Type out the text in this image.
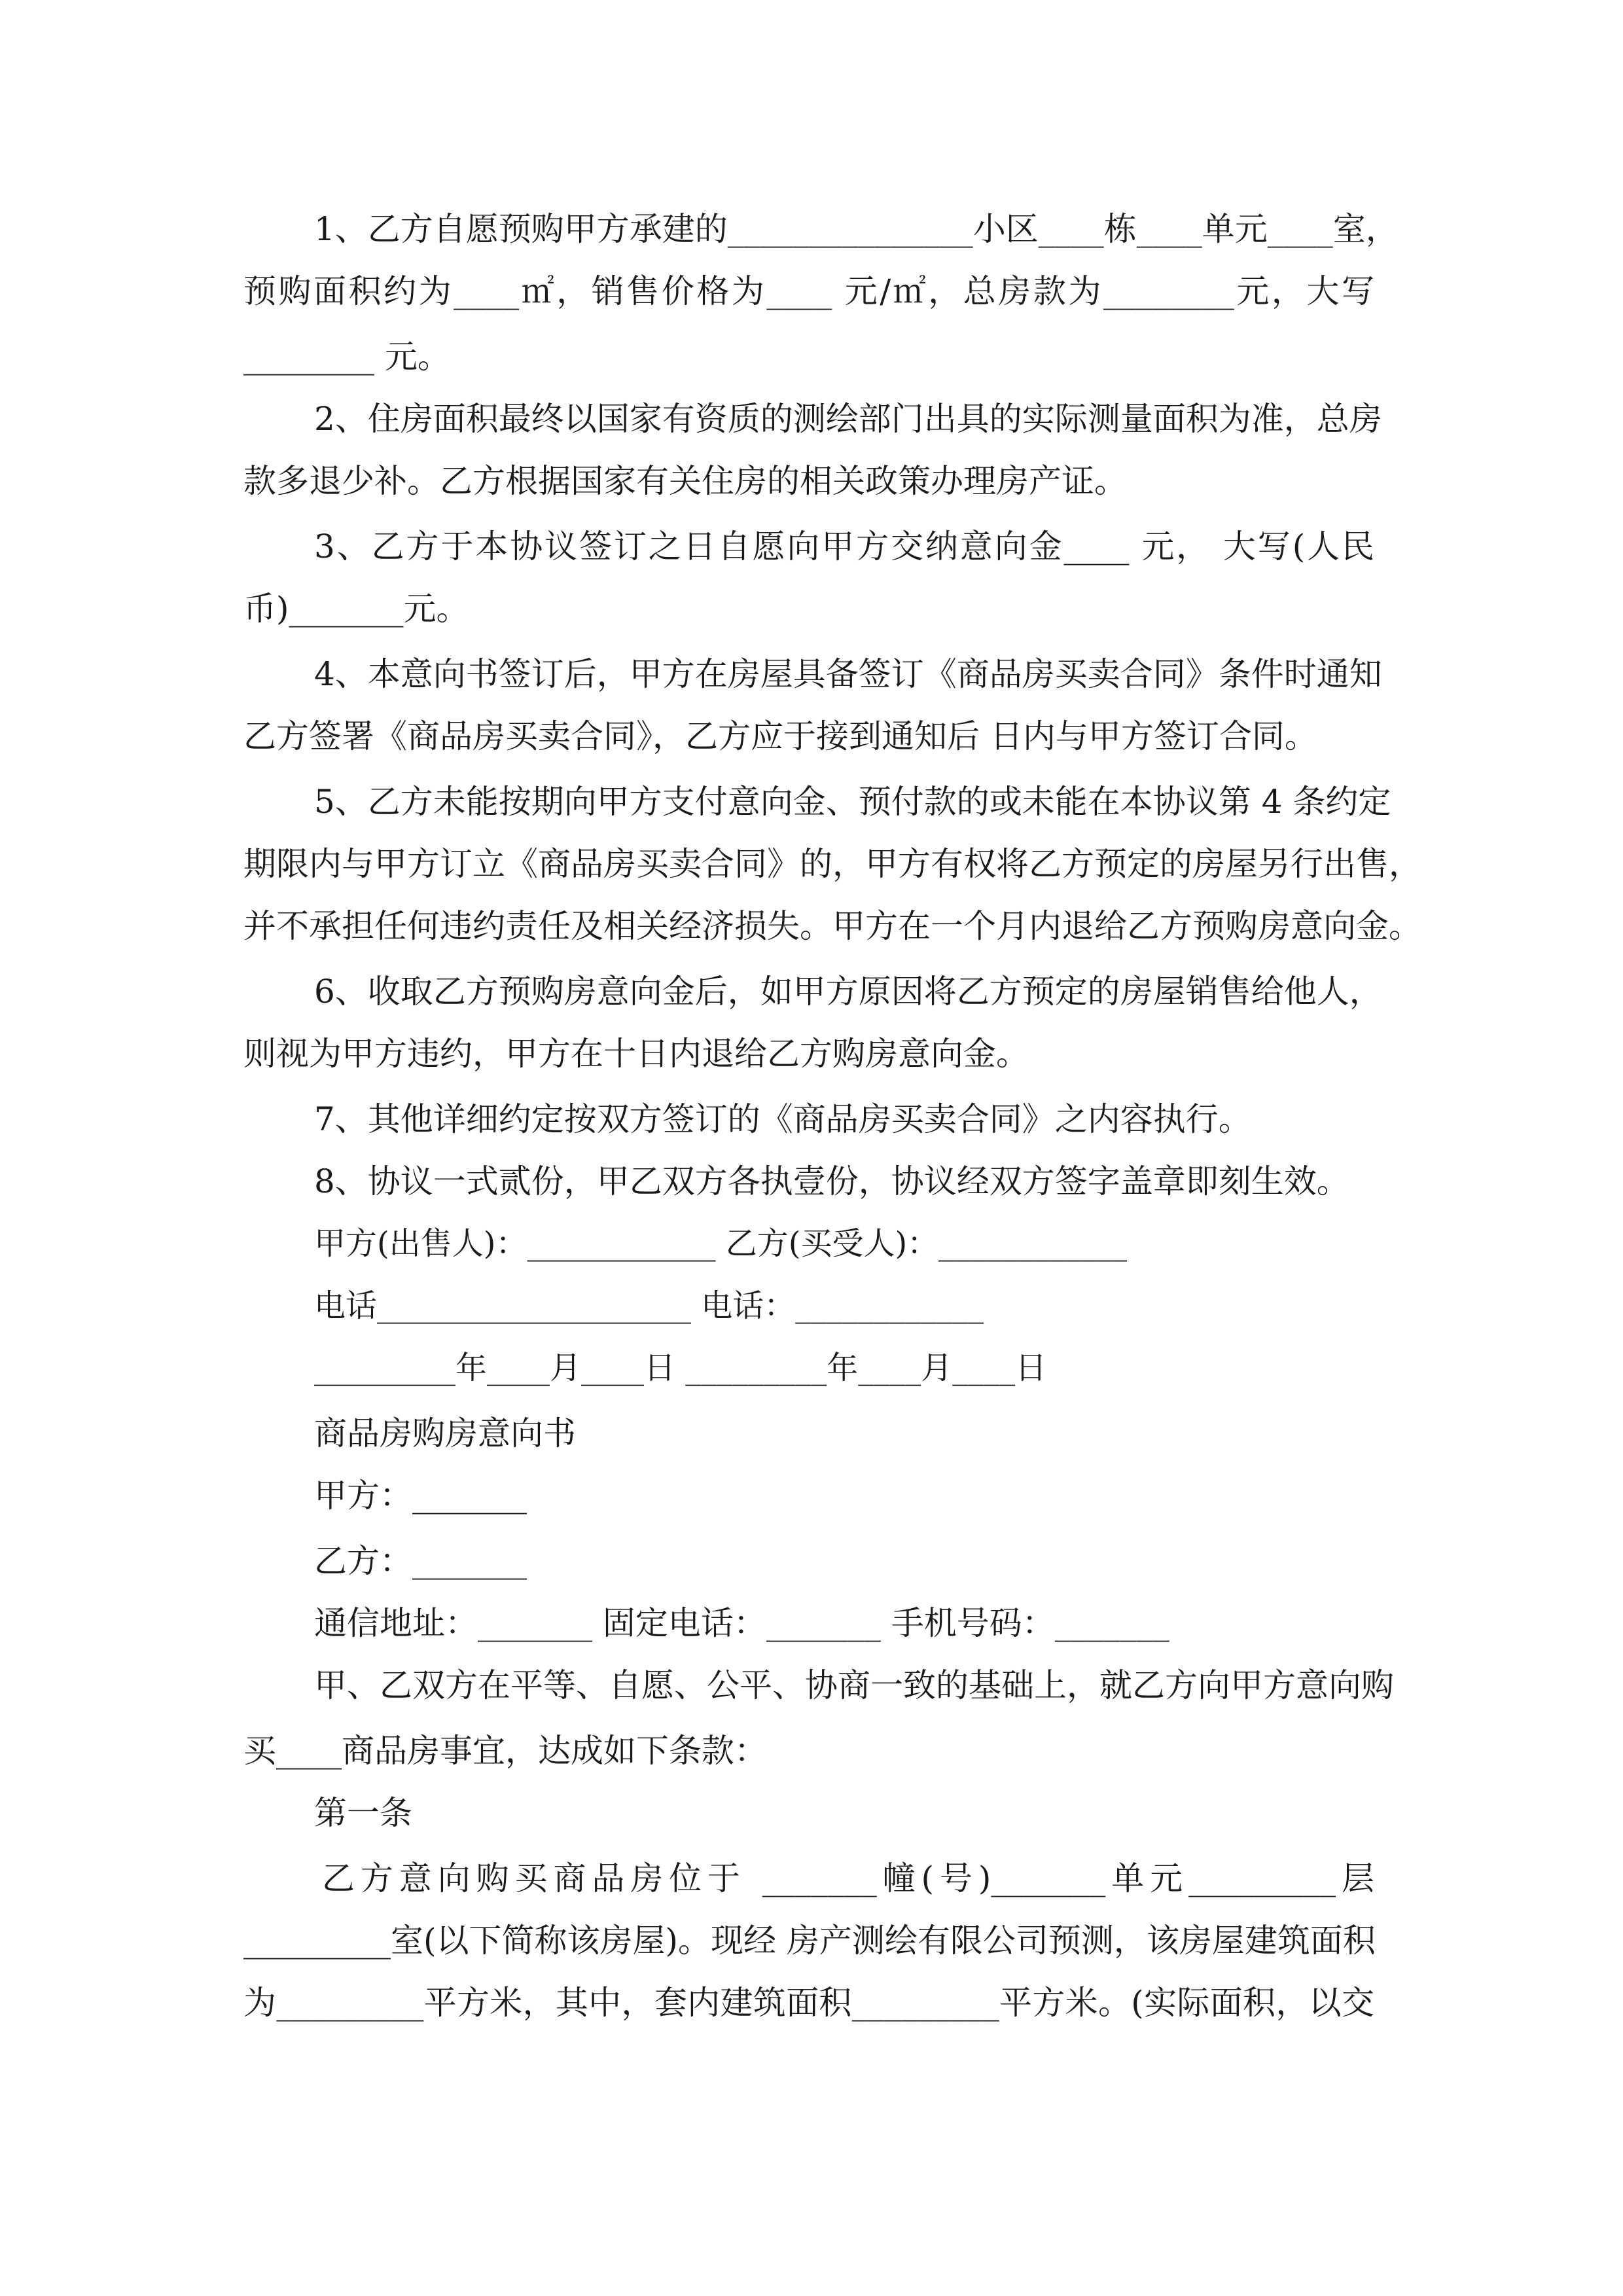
1、乙方自愿预购甲方承建的_______________小区____栋____单元____室，

预购面积约为____㎡，销售价格为____ 元/㎡，总房款为________元，大写

________ 元。

2、住房面积最终以国家有资质的测绘部门出具的实际测量面积为准，总房

款多退少补。乙方根据国家有关住房的相关政策办理房产证。

3、乙方于本协议签订之日自愿向甲方交纳意向金____ 元， 大写(人民

币)_______元。

4、本意向书签订后，甲方在房屋具备签订《商品房买卖合同》条件时通知

乙方签署《商品房买卖合同》，乙方应于接到通知后 日内与甲方签订合同。

5、乙方未能按期向甲方支付意向金、预付款的或未能在本协议第 4 条约定

期限内与甲方订立《商品房买卖合同》的，甲方有权将乙方预定的房屋另行出售，

并不承担任何违约责任及相关经济损失。甲方在一个月内退给乙方预购房意向金。

6、收取乙方预购房意向金后，如甲方原因将乙方预定的房屋销售给他人，

则视为甲方违约，甲方在十日内退给乙方购房意向金。

7、其他详细约定按双方签订的《商品房买卖合同》之内容执行。

8、协议一式贰份，甲乙双方各执壹份，协议经双方签字盖章即刻生效。

甲方(出售人)：____________ 乙方(买受人)：____________

电话____________________ 电话：____________

_________年____月____日 _________年____月____日

商品房购房意向书

甲方：_______

乙方：_______

通信地址：_______ 固定电话：_______ 手机号码：_______

甲、乙双方在平等、自愿、公平、协商一致的基础上，就乙方向甲方意向购

买____商品房事宜，达成如下条款：

第一条

乙方意向购买商品房位于 _______幢(号)_______单元_________层

_________室(以下简称该房屋)。现经 房产测绘有限公司预测，该房屋建筑面积

为_________平方米，其中，套内建筑面积_________平方米。(实际面积，以交
